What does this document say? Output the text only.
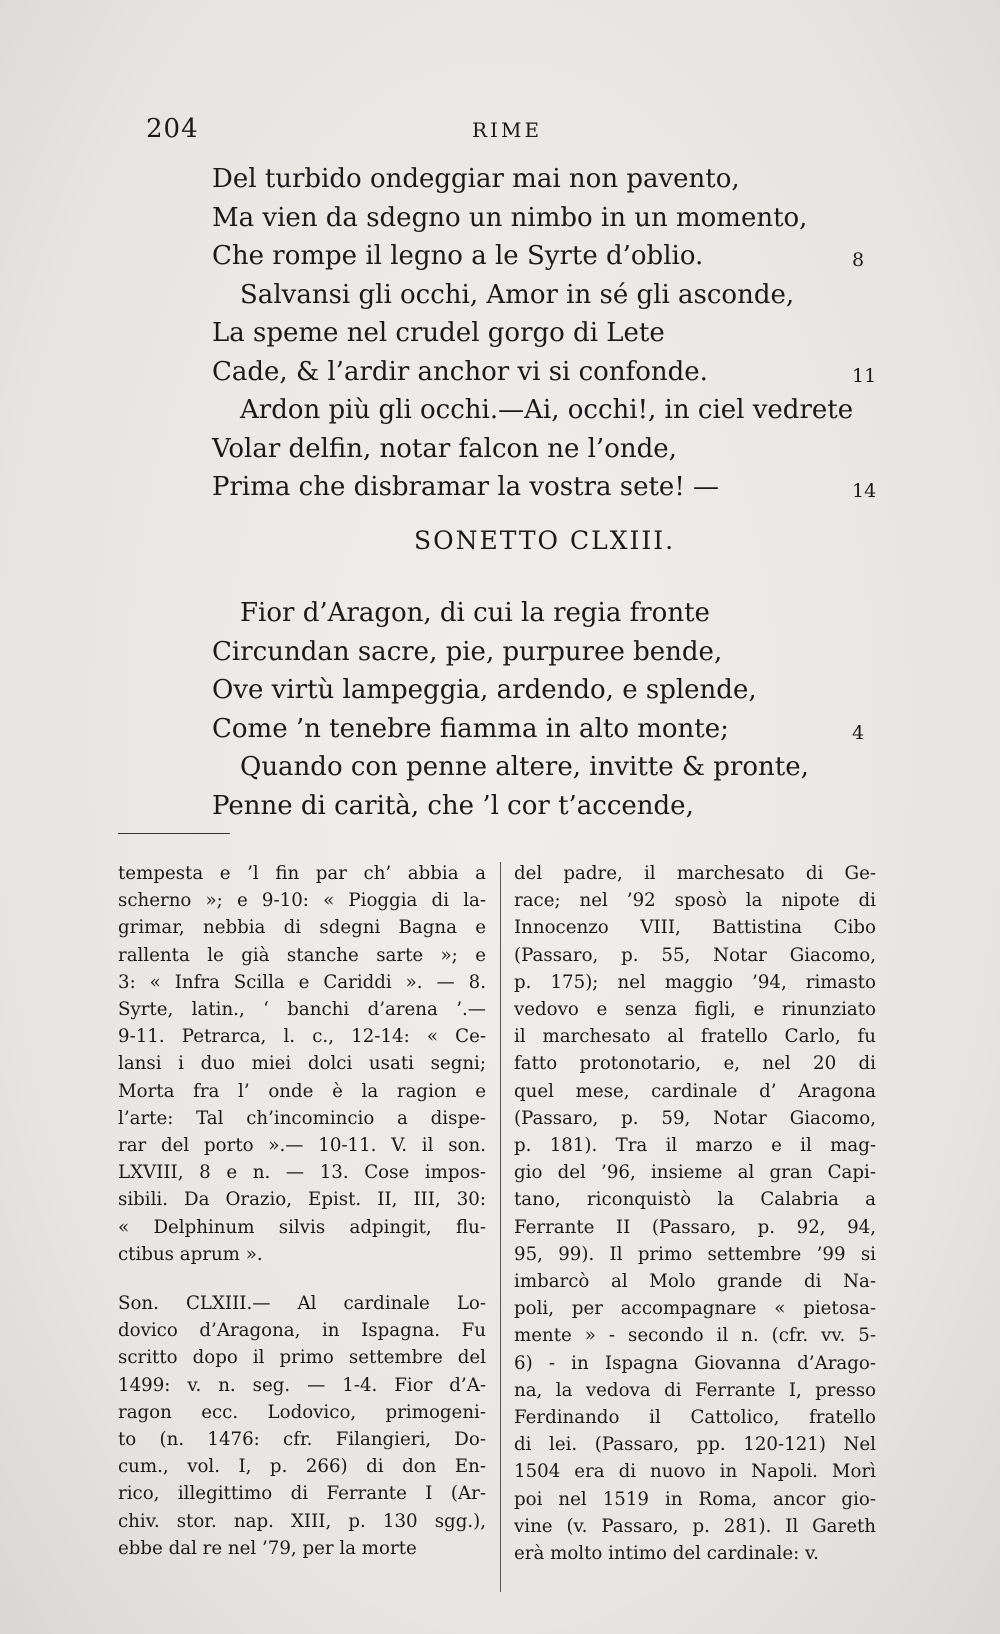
204	RIME
Del turbido ondeggiar mai non pavento,
Ma vien da sdegno un nimbo in un momento,
Che rompe il legno a le Syrte d’oblio.	8
Salvansi gli occhi, Amor in sé gli asconde,
La speme nel crudel gorgo di Lete
Cade, & l’ardir anchor vi si confonde.	11
Ardon più gli occhi.—Ai, occhi!, in ciel vedrete
Volar delfin, notar falcon ne l’onde,
Prima che disbramar la vostra sete! —	14
SONETTO CLXIII.
Fior d’Aragon, di cui la regia fronte
Circundan sacre, pie, purpuree bende,
Ove virtù lampeggia, ardendo, e splende,
Come ’n tenebre fiamma in alto monte;	4
Quando con penne altere, invitte & pronte,
Penne di carità, che ’l cor t’accende,
tempesta e ’l fin par ch’ abbia a
scherno »; e 9-10: « Pioggia di la-
grimar, nebbia di sdegni Bagna e
rallenta le già stanche sarte »; e
3: « Infra Scilla e Cariddi ». — 8.
Syrte, latin., ‘ banchi d’arena ’.—
9-11. Petrarca, l. c., 12-14: « Ce-
lansi i duo miei dolci usati segni;
Morta fra l’ onde è la ragion e
l’arte: Tal ch’incominciο a dispe-
rar del porto ».— 10-11. V. il son.
LXVIII, 8 e n. — 13. Cose impos-
sibili. Da Orazio, Epist. II, III, 30:
« Delphinum silvis adpingit, flu-
ctibus aprum ».
Son. CLXIII.— Al cardinale Lo-
dovico d’Aragona, in Ispagna. Fu
scritto dopo il primo settembre del
1499: v. n. seg. — 1-4. Fior d’A-
ragon ecc. Lodovico, primogeni-
to (n. 1476: cfr. Filangieri, Do-
cum., vol. I, p. 266) di don En-
rico, illegittimo di Ferrante I (Ar-
chiv. stor. nap. XIII, p. 130 sgg.),
ebbe dal re nel ’79, per la morte
del padre, il marchesato di Ge-
race; nel ’92 sposò la nipote di
Innocenzo VIII, Battistina Cibo
(Passaro, p. 55, Notar Giacomo,
p. 175); nel maggio ’94, rimasto
vedovo e senza figli, e rinunziato
il marchesato al fratello Carlo, fu
fatto protonotario, e, nel 20 di
quel mese, cardinale d’ Aragona
(Passaro, p. 59, Notar Giacomo,
p. 181). Tra il marzo e il mag-
gio del ’96, insieme al gran Capi-
tano, riconquistò la Calabria a
Ferrante II (Passaro, p. 92, 94,
95, 99). Il primo settembre ’99 si
imbarcò al Molo grande di Na-
poli, per accompagnare « pietosa-
mente » - secondo il n. (cfr. vv. 5-
6) - in Ispagna Giovanna d’Arago-
na, la vedova di Ferrante I, presso
Ferdinando il Cattolico, fratello
di lei. (Passaro, pp. 120-121) Nel
1504 era di nuovo in Napoli. Morì
poi nel 1519 in Roma, ancor gio-
vine (v. Passaro, p. 281). Il Gareth
erà molto intimo del cardinale: v.
